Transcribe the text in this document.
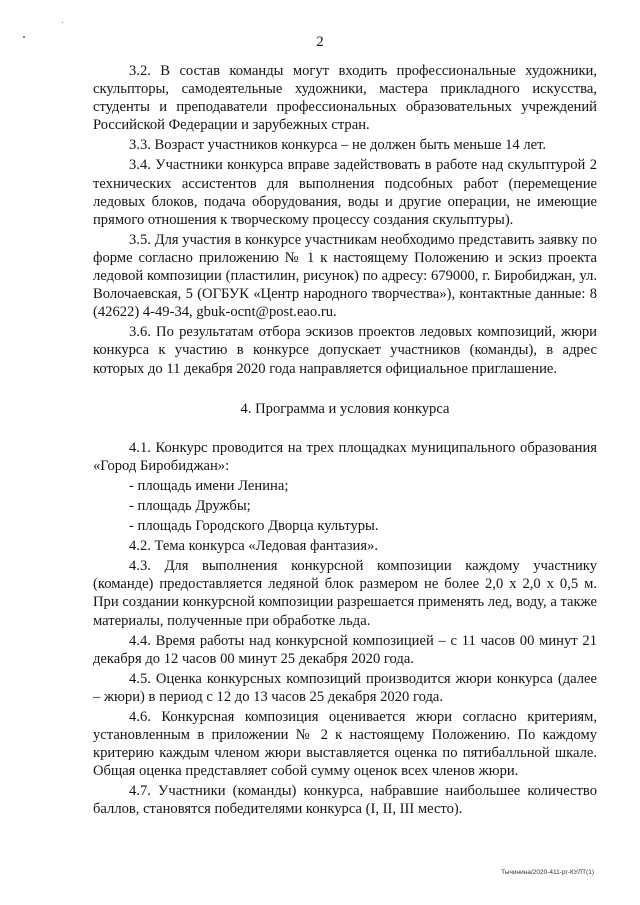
2

3.2. В состав команды могут входить профессиональные художники, скульпторы, самодеятельные художники, мастера прикладного искусства, студенты и преподаватели профессиональных образовательных учреждений Российской Федерации и зарубежных стран.

3.3. Возраст участников конкурса – не должен быть меньше 14 лет.

3.4. Участники конкурса вправе задействовать в работе над скульптурой 2 технических ассистентов для выполнения подсобных работ (перемещение ледовых блоков, подача оборудования, воды и другие операции, не имеющие прямого отношения к творческому процессу создания скульптуры).

3.5. Для участия в конкурсе участникам необходимо представить заявку по форме согласно приложению № 1 к настоящему Положению и эскиз проекта ледовой композиции (пластилин, рисунок) по адресу: 679000, г. Биробиджан, ул. Волочаевская, 5 (ОГБУК «Центр народного творчества»), контактные данные: 8 (42622) 4-49-34, gbuk-ocnt@post.eao.ru.

3.6. По результатам отбора эскизов проектов ледовых композиций, жюри конкурса к участию в конкурсе допускает участников (команды), в адрес которых до 11 декабря 2020 года направляется официальное приглашение.

4. Программа и условия конкурса

4.1. Конкурс проводится на трех площадках муниципального образования «Город Биробиджан»:

- площадь имени Ленина;

- площадь Дружбы;

- площадь Городского Дворца культуры.

4.2. Тема конкурса «Ледовая фантазия».

4.3. Для выполнения конкурсной композиции каждому участнику (команде) предоставляется ледяной блок размером не более 2,0 х 2,0 х 0,5 м. При создании конкурсной композиции разрешается применять лед, воду, а также материалы, полученные при обработке льда.

4.4. Время работы над конкурсной композицией – с 11 часов 00 минут 21 декабря до 12 часов 00 минут 25 декабря 2020 года.

4.5. Оценка конкурсных композиций производится жюри конкурса (далее – жюри) в период с 12 до 13 часов 25 декабря 2020 года.

4.6. Конкурсная композиция оценивается жюри согласно критериям, установленным в приложении № 2 к настоящему Положению. По каждому критерию каждым членом жюри выставляется оценка по пятибалльной шкале. Общая оценка представляет собой сумму оценок всех членов жюри.

4.7. Участники (команды) конкурса, набравшие наибольшее количество баллов, становятся победителями конкурса (I, II, III место).

Тычинина/2020-411-рг-КУЛТ(1)
